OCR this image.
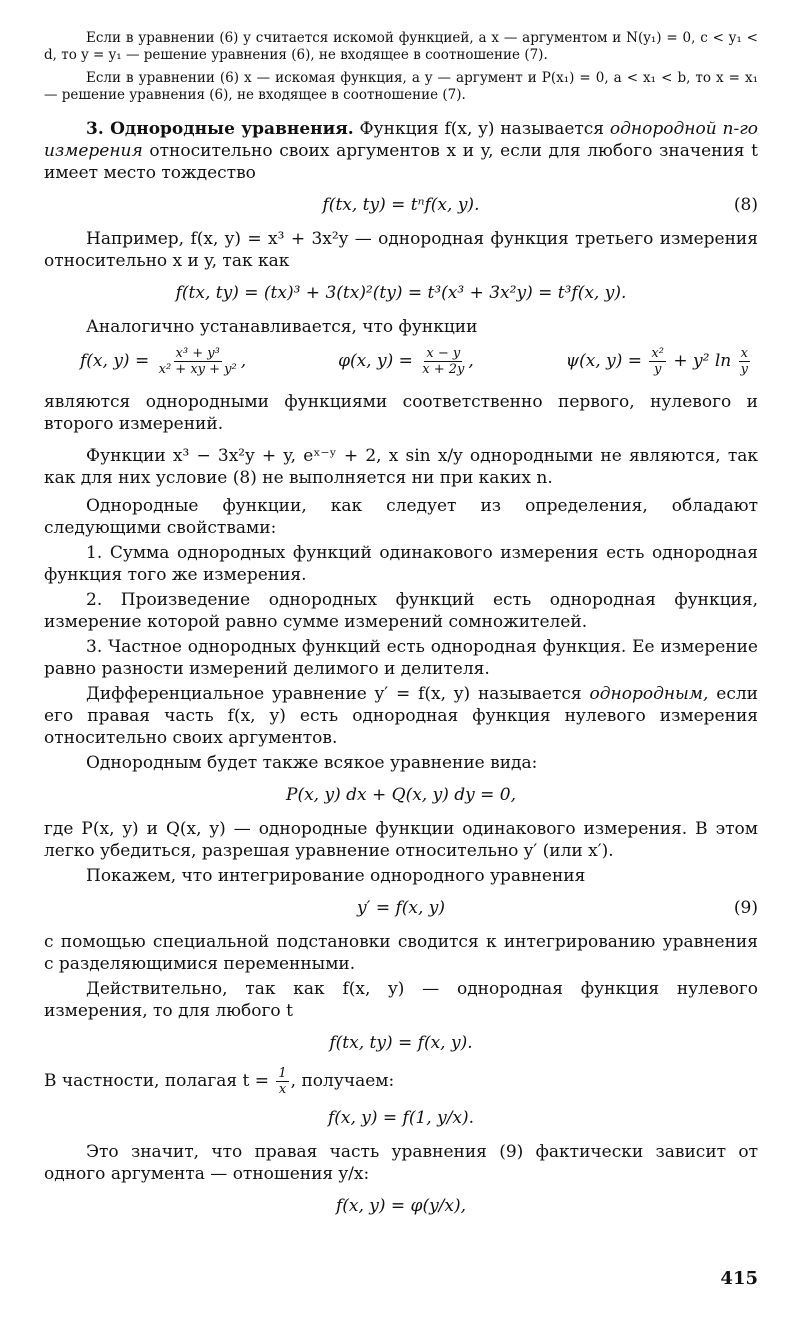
Если в уравнении (6) y считается искомой функцией, а x — аргументом и N(y₁) = 0, c < y₁ < d, то y = y₁ — решение уравнения (6), не входящее в соотношение (7).

Если в уравнении (6) x — искомая функция, а y — аргумент и P(x₁) = 0, a < x₁ < b, то x = x₁ — решение уравнения (6), не входящее в соотношение (7).

3. Однородные уравнения. Функция f(x, y) называется однородной n-го измерения относительно своих аргументов x и y, если для любого значения t имеет место тождество

f(tx, ty) = tⁿf(x, y).	(8)

Например, f(x, y) = x³ + 3x²y — однородная функция третьего измерения относительно x и y, так как

f(tx, ty) = (tx)³ + 3(tx)²(ty) = t³(x³ + 3x²y) = t³f(x, y).

Аналогично устанавливается, что функции

f(x, $y) = \frac{\text{x³ + y³}}{\text{x² + xy + y²}}$ ,	φ(x, $y) = \frac{x - y}{x + 2y}$ ,	ψ(x, $y) = \frac{\text{x²}}{y} + y^2$ $\ln \frac{x}{y}$

являются однородными функциями соответственно первого, нулевого и второго измерений.

Функции x³ − 3x²y + y, eˣ⁻ʸ + 2, x sin x/y однородными не являются, так как для них условие (8) не выполняется ни при каких n.

Однородные функции, как следует из определения, обладают следующими свойствами:

1. Сумма однородных функций одинакового измерения есть однородная функция того же измерения.

2. Произведение однородных функций есть однородная функция, измерение которой равно сумме измерений сомножителей.

3. Частное однородных функций есть однородная функция. Ее измерение равно разности измерений делимого и делителя.

Дифференциальное уравнение y′ = f(x, y) называется однородным, если его правая часть f(x, y) есть однородная функция нулевого измерения относительно своих аргументов.

Однородным будет также всякое уравнение вида:

P(x, y) dx + Q(x, y) dy = 0,

где P(x, y) и Q(x, y) — однородные функции одинакового измерения. В этом легко убедиться, разрешая уравнение относительно y′ (или x′).

Покажем, что интегрирование однородного уравнения

y′ = f(x, y)	(9)

с помощью специальной подстановки сводится к интегрированию уравнения с разделяющимися переменными.

Действительно, так как f(x, y) — однородная функция нулевого измерения, то для любого t

f(tx, ty) = f(x, y).

В частности, полагая $t = \frac{1}{x}$ , получаем:

f(x, y) = f(1, y/x).

Это значит, что правая часть уравнения (9) фактически зависит от одного аргумента — отношения y/x:

f(x, y) = φ(y/x),
415
